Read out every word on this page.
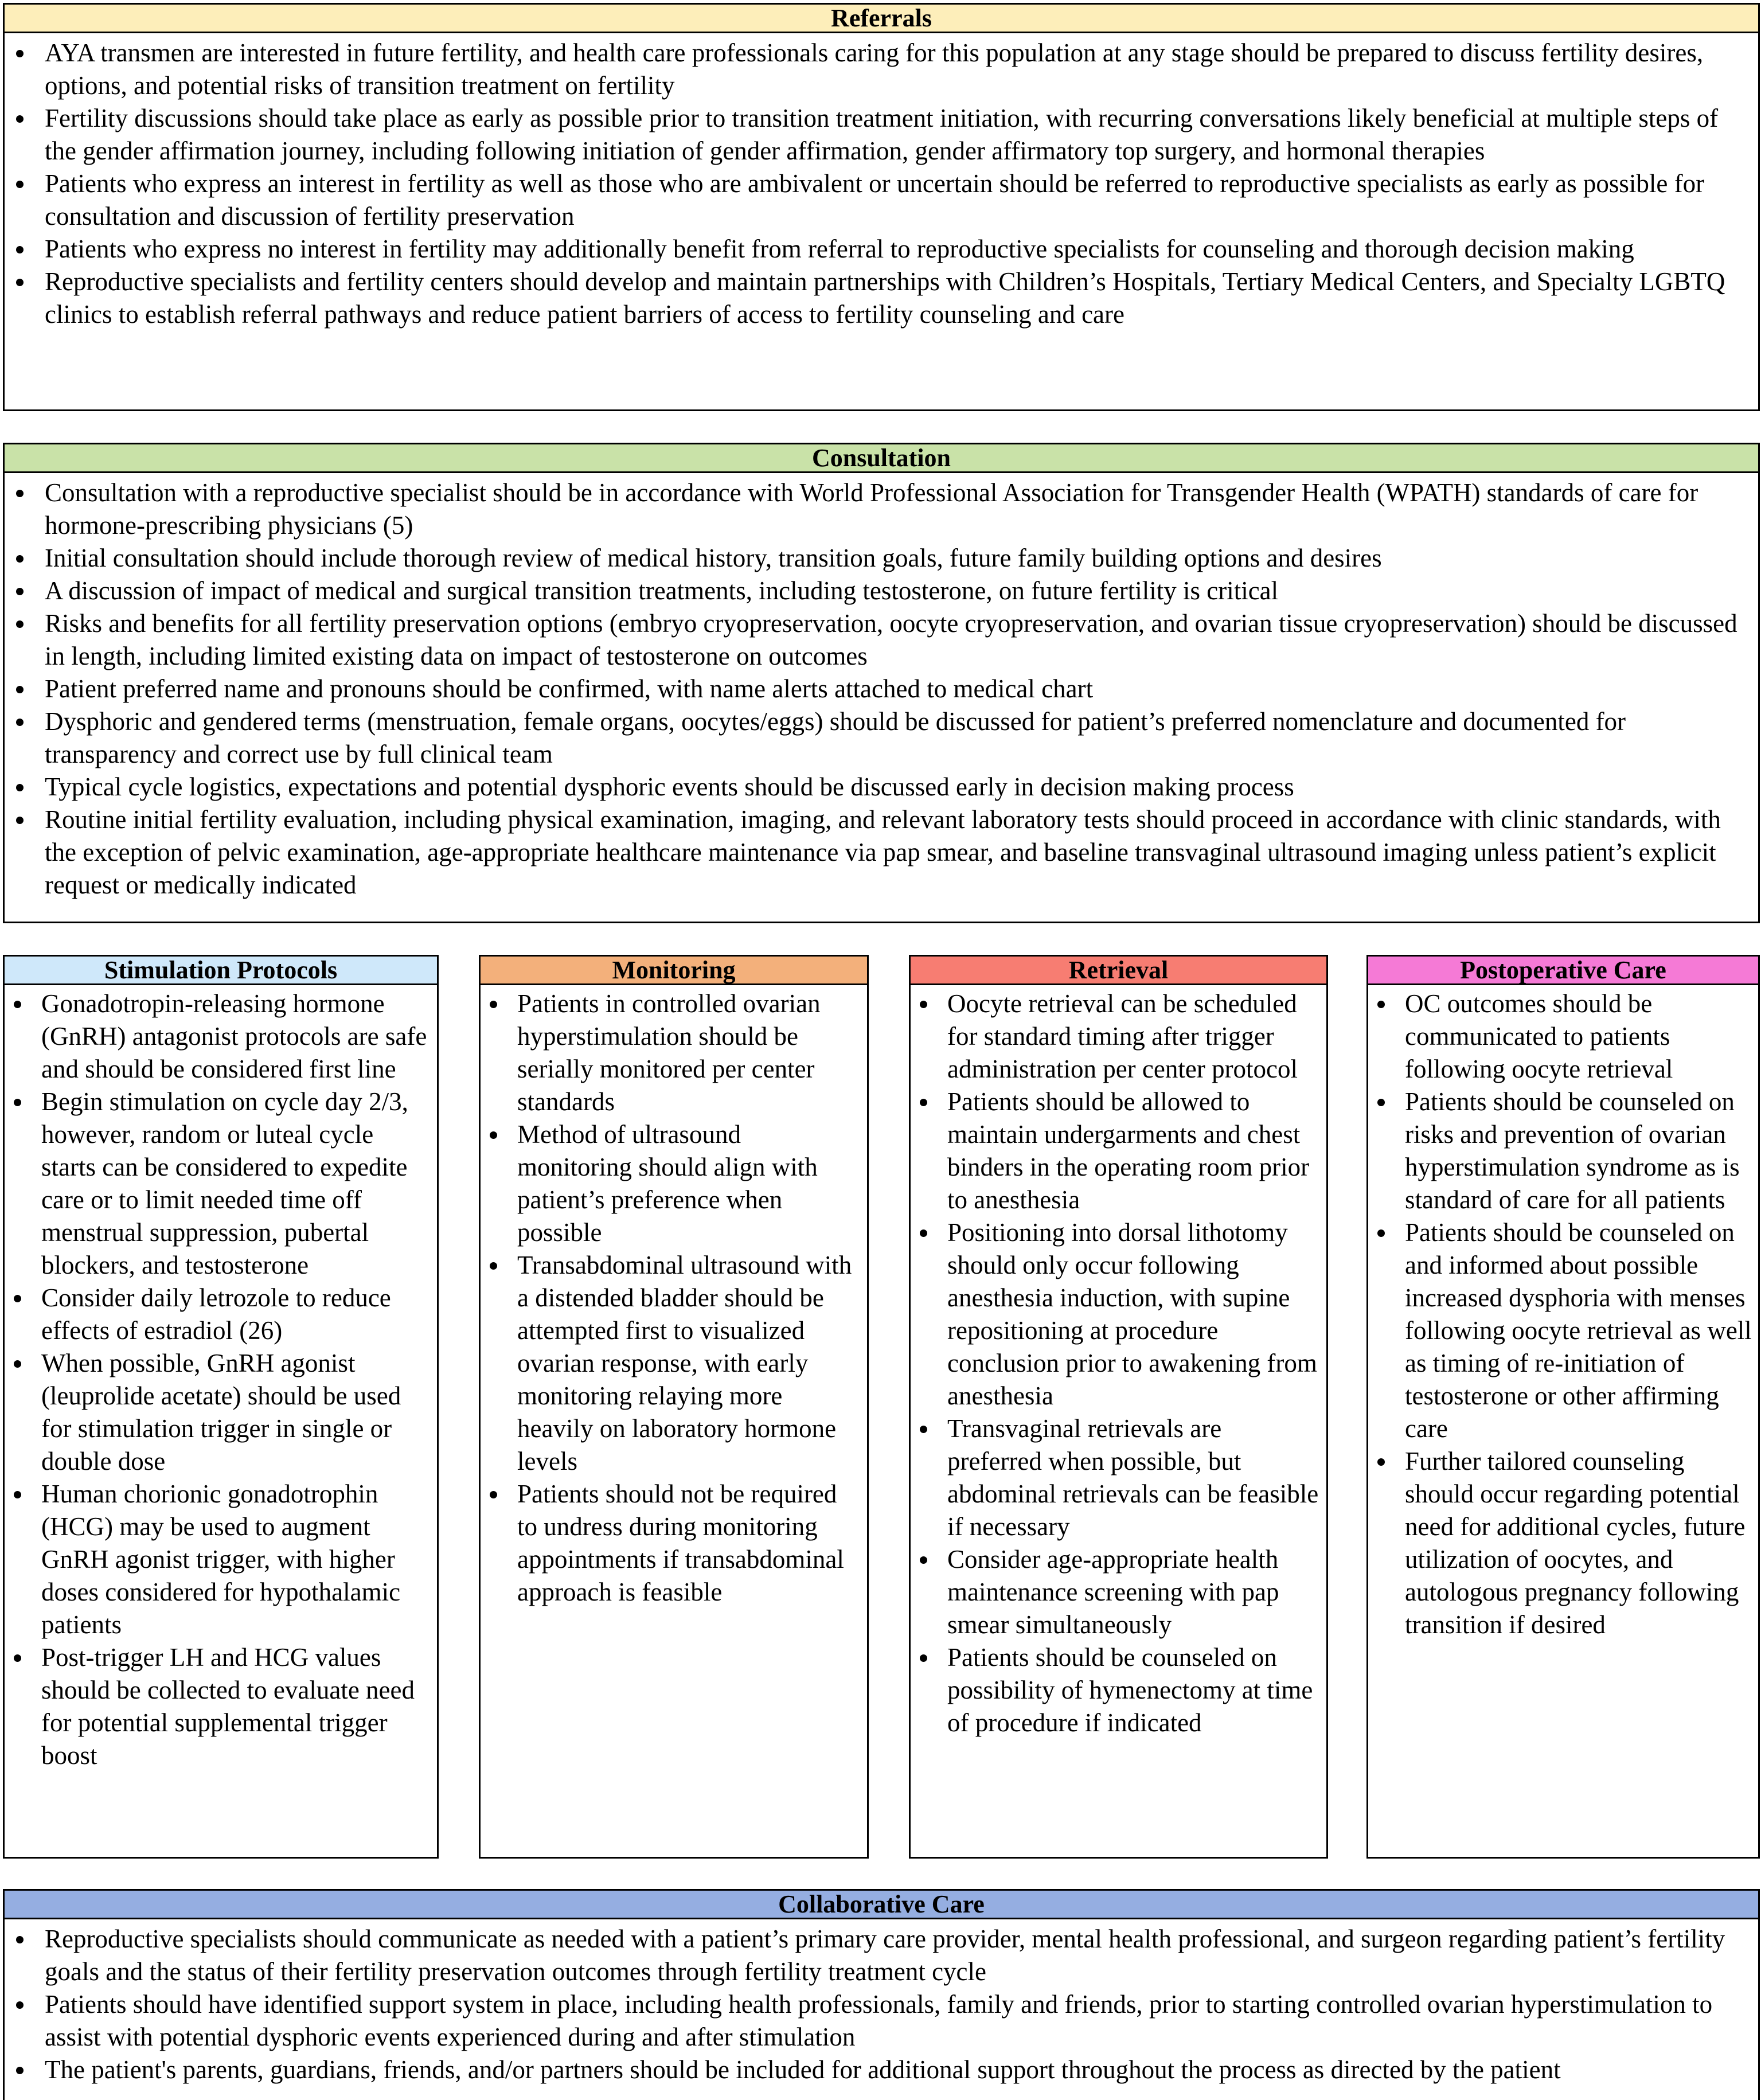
Referrals
AYA transmen are interested in future fertility, and health care professionals caring for this population at any stage should be prepared to discuss fertility desires, options, and potential risks of transition treatment on fertility
Fertility discussions should take place as early as possible prior to transition treatment initiation, with recurring conversations likely beneficial at multiple steps of the gender affirmation journey, including following initiation of gender affirmation, gender affirmatory top surgery, and hormonal therapies
Patients who express an interest in fertility as well as those who are ambivalent or uncertain should be referred to reproductive specialists as early as possible for consultation and discussion of fertility preservation
Patients who express no interest in fertility may additionally benefit from referral to reproductive specialists for counseling and thorough decision making
Reproductive specialists and fertility centers should develop and maintain partnerships with Children’s Hospitals, Tertiary Medical Centers, and Specialty LGBTQ clinics to establish referral pathways and reduce patient barriers of access to fertility counseling and care
Consultation
Consultation with a reproductive specialist should be in accordance with World Professional Association for Transgender Health (WPATH) standards of care for hormone-prescribing physicians (5)
Initial consultation should include thorough review of medical history, transition goals, future family building options and desires
A discussion of impact of medical and surgical transition treatments, including testosterone, on future fertility is critical
Risks and benefits for all fertility preservation options (embryo cryopreservation, oocyte cryopreservation, and ovarian tissue cryopreservation) should be discussed in length, including limited existing data on impact of testosterone on outcomes
Patient preferred name and pronouns should be confirmed, with name alerts attached to medical chart
Dysphoric and gendered terms (menstruation, female organs, oocytes/eggs) should be discussed for patient’s preferred nomenclature and documented for transparency and correct use by full clinical team
Typical cycle logistics, expectations and potential dysphoric events should be discussed early in decision making process
Routine initial fertility evaluation, including physical examination, imaging, and relevant laboratory tests should proceed in accordance with clinic standards, with the exception of pelvic examination, age-appropriate healthcare maintenance via pap smear, and baseline transvaginal ultrasound imaging unless patient’s explicit request or medically indicated
Stimulation Protocols
Gonadotropin-releasing hormone (GnRH) antagonist protocols are safe and should be considered first line
Begin stimulation on cycle day 2/3, however, random or luteal cycle starts can be considered to expedite care or to limit needed time off menstrual suppression, pubertal blockers, and testosterone
Consider daily letrozole to reduce effects of estradiol (26)
When possible, GnRH agonist (leuprolide acetate) should be used for stimulation trigger in single or double dose
Human chorionic gonadotrophin (HCG) may be used to augment GnRH agonist trigger, with higher doses considered for hypothalamic patients
Post-trigger LH and HCG values should be collected to evaluate need for potential supplemental trigger boost
Monitoring
Patients in controlled ovarian hyperstimulation should be serially monitored per center standards
Method of ultrasound monitoring should align with patient’s preference when possible
Transabdominal ultrasound with a distended bladder should be attempted first to visualized ovarian response, with early monitoring relaying more heavily on laboratory hormone levels
Patients should not be required to undress during monitoring appointments if transabdominal approach is feasible
Retrieval
Oocyte retrieval can be scheduled for standard timing after trigger administration per center protocol
Patients should be allowed to maintain undergarments and chest binders in the operating room prior to anesthesia
Positioning into dorsal lithotomy should only occur following anesthesia induction, with supine repositioning at procedure conclusion prior to awakening from anesthesia
Transvaginal retrievals are preferred when possible, but abdominal retrievals can be feasible if necessary
Consider age-appropriate health maintenance screening with pap smear simultaneously
Patients should be counseled on possibility of hymenectomy at time of procedure if indicated
Postoperative Care
OC outcomes should be communicated to patients following oocyte retrieval
Patients should be counseled on risks and prevention of ovarian hyperstimulation syndrome as is standard of care for all patients
Patients should be counseled on and informed about possible increased dysphoria with menses following oocyte retrieval as well as timing of re-initiation of testosterone or other affirming care
Further tailored counseling should occur regarding potential need for additional cycles, future utilization of oocytes, and autologous pregnancy following transition if desired
Collaborative Care
Reproductive specialists should communicate as needed with a patient’s primary care provider, mental health professional, and surgeon regarding patient’s fertility goals and the status of their fertility preservation outcomes through fertility treatment cycle
Patients should have identified support system in place, including health professionals, family and friends, prior to starting controlled ovarian hyperstimulation to assist with potential dysphoric events experienced during and after stimulation
The patient's parents, guardians, friends, and/or partners should be included for additional support throughout the process as directed by the patient
